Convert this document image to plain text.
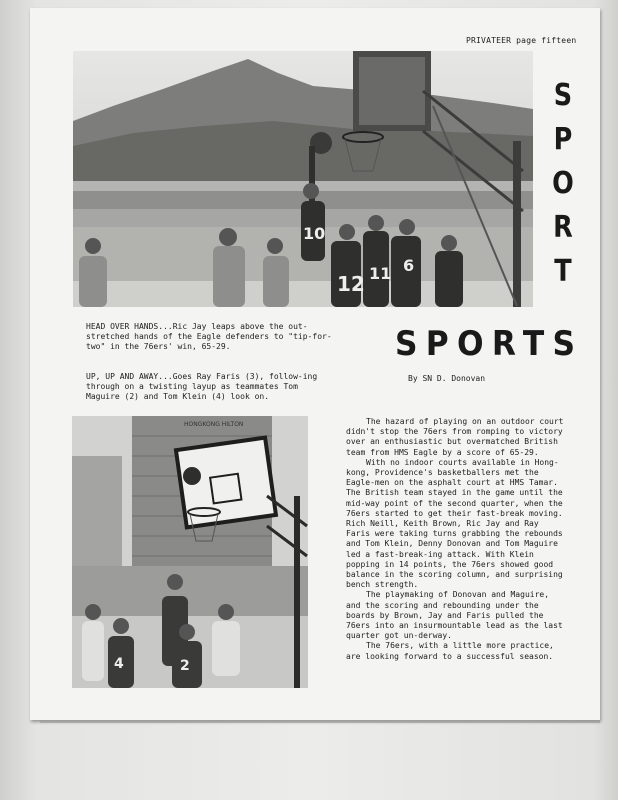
PRIVATEER page fifteen
10
12 11 6
S
P
O
R
T
SPORTS
HEAD OVER HANDS...Ric Jay leaps above the out-stretched hands of the Eagle defenders to "tip-for-two" in the 76ers' win, 65-29.
UP, UP AND AWAY...Goes Ray Faris (3), follow-ing through on a twisting layup as teammates Tom Maguire (2) and Tom Klein (4) look on.
By SN D. Donovan
HONGKONG HILTON
4	2

The hazard of playing on an outdoor court didn't stop the 76ers from romping to victory over an enthusiastic but overmatched British team from HMS Eagle by a score of 65-29.

With no indoor courts available in Hong-kong, Providence's basketballers met the Eagle-men on the asphalt court at HMS Tamar. The British team stayed in the game until the mid-way point of the second quarter, when the 76ers started to get their fast-break moving. Rich Neill, Keith Brown, Ric Jay and Ray Faris were taking turns grabbing the rebounds and Tom Klein, Denny Donovan and Tom Maguire led a fast-break-ing attack. With Klein popping in 14 points, the 76ers showed good balance in the scoring column, and surprising bench strength.

The playmaking of Donovan and Maguire, and the scoring and rebounding under the boards by Brown, Jay and Faris pulled the 76ers into an insurmountable lead as the last quarter got un-derway.

The 76ers, with a little more practice, are looking forward to a successful season.
